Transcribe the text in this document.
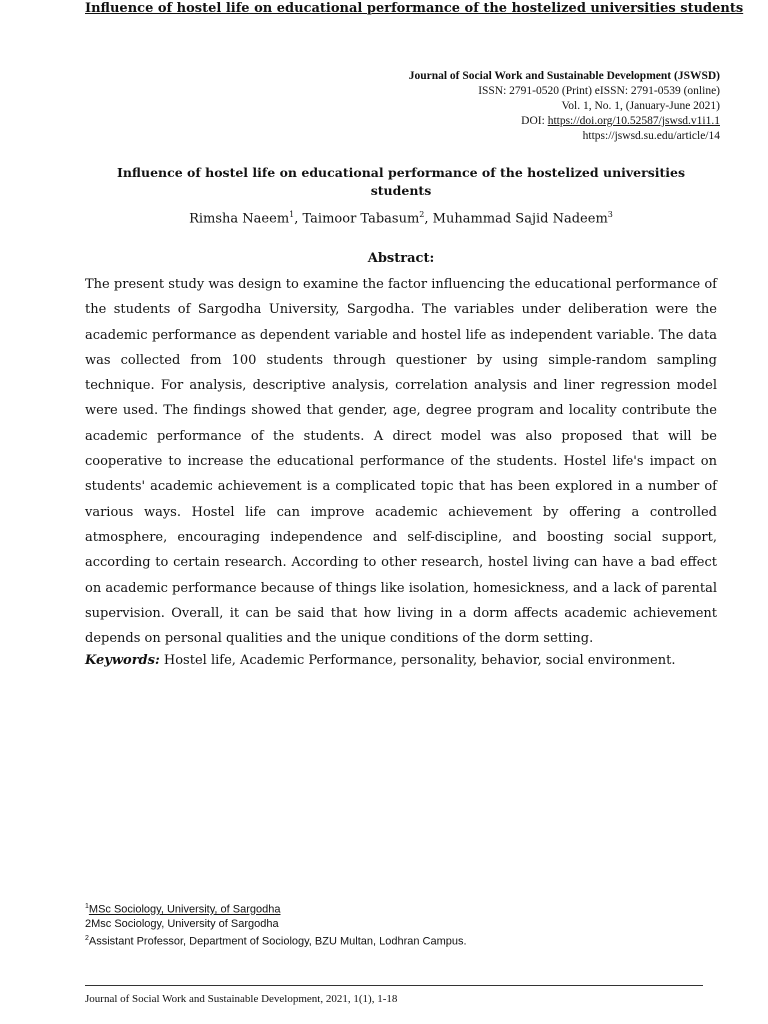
Influence of hostel life on educational performance of the hostelized universities students
Journal of Social Work and Sustainable Development (JSWSD)
ISSN: 2791-0520 (Print) eISSN: 2791-0539 (online)
Vol. 1, No. 1, (January-June 2021)
DOI: https://doi.org/10.52587/jswsd.v1i1.1
https://jswsd.su.edu/article/14
Influence of hostel life on educational performance of the hostelized universities students
Rimsha Naeem$^1$, Taimoor Tabasum$^2$, Muhammad Sajid Nadeem$^3$
Abstract:
The present study was design to examine the factor influencing the educational performance of the students of Sargodha University, Sargodha. The variables under deliberation were the academic performance as dependent variable and hostel life as independent variable. The data was collected from 100 students through questioner by using simple-random sampling technique. For analysis, descriptive analysis, correlation analysis and liner regression model were used. The findings showed that gender, age, degree program and locality contribute the academic performance of the students. A direct model was also proposed that will be cooperative to increase the educational performance of the students. Hostel life's impact on students' academic achievement is a complicated topic that has been explored in a number of various ways. Hostel life can improve academic achievement by offering a controlled atmosphere, encouraging independence and self-discipline, and boosting social support, according to certain research. According to other research, hostel living can have a bad effect on academic performance because of things like isolation, homesickness, and a lack of parental supervision. Overall, it can be said that how living in a dorm affects academic achievement depends on personal qualities and the unique conditions of the dorm setting.
Keywords: Hostel life, Academic Performance, personality, behavior, social environment.
$^1$MSc Sociology, University, of Sargodha
2Msc Sociology, University of Sargodha
$^2$Assistant Professor, Department of Sociology, BZU Multan, Lodhran Campus.
Journal of Social Work and Sustainable Development, 2021, 1(1), 1-18
